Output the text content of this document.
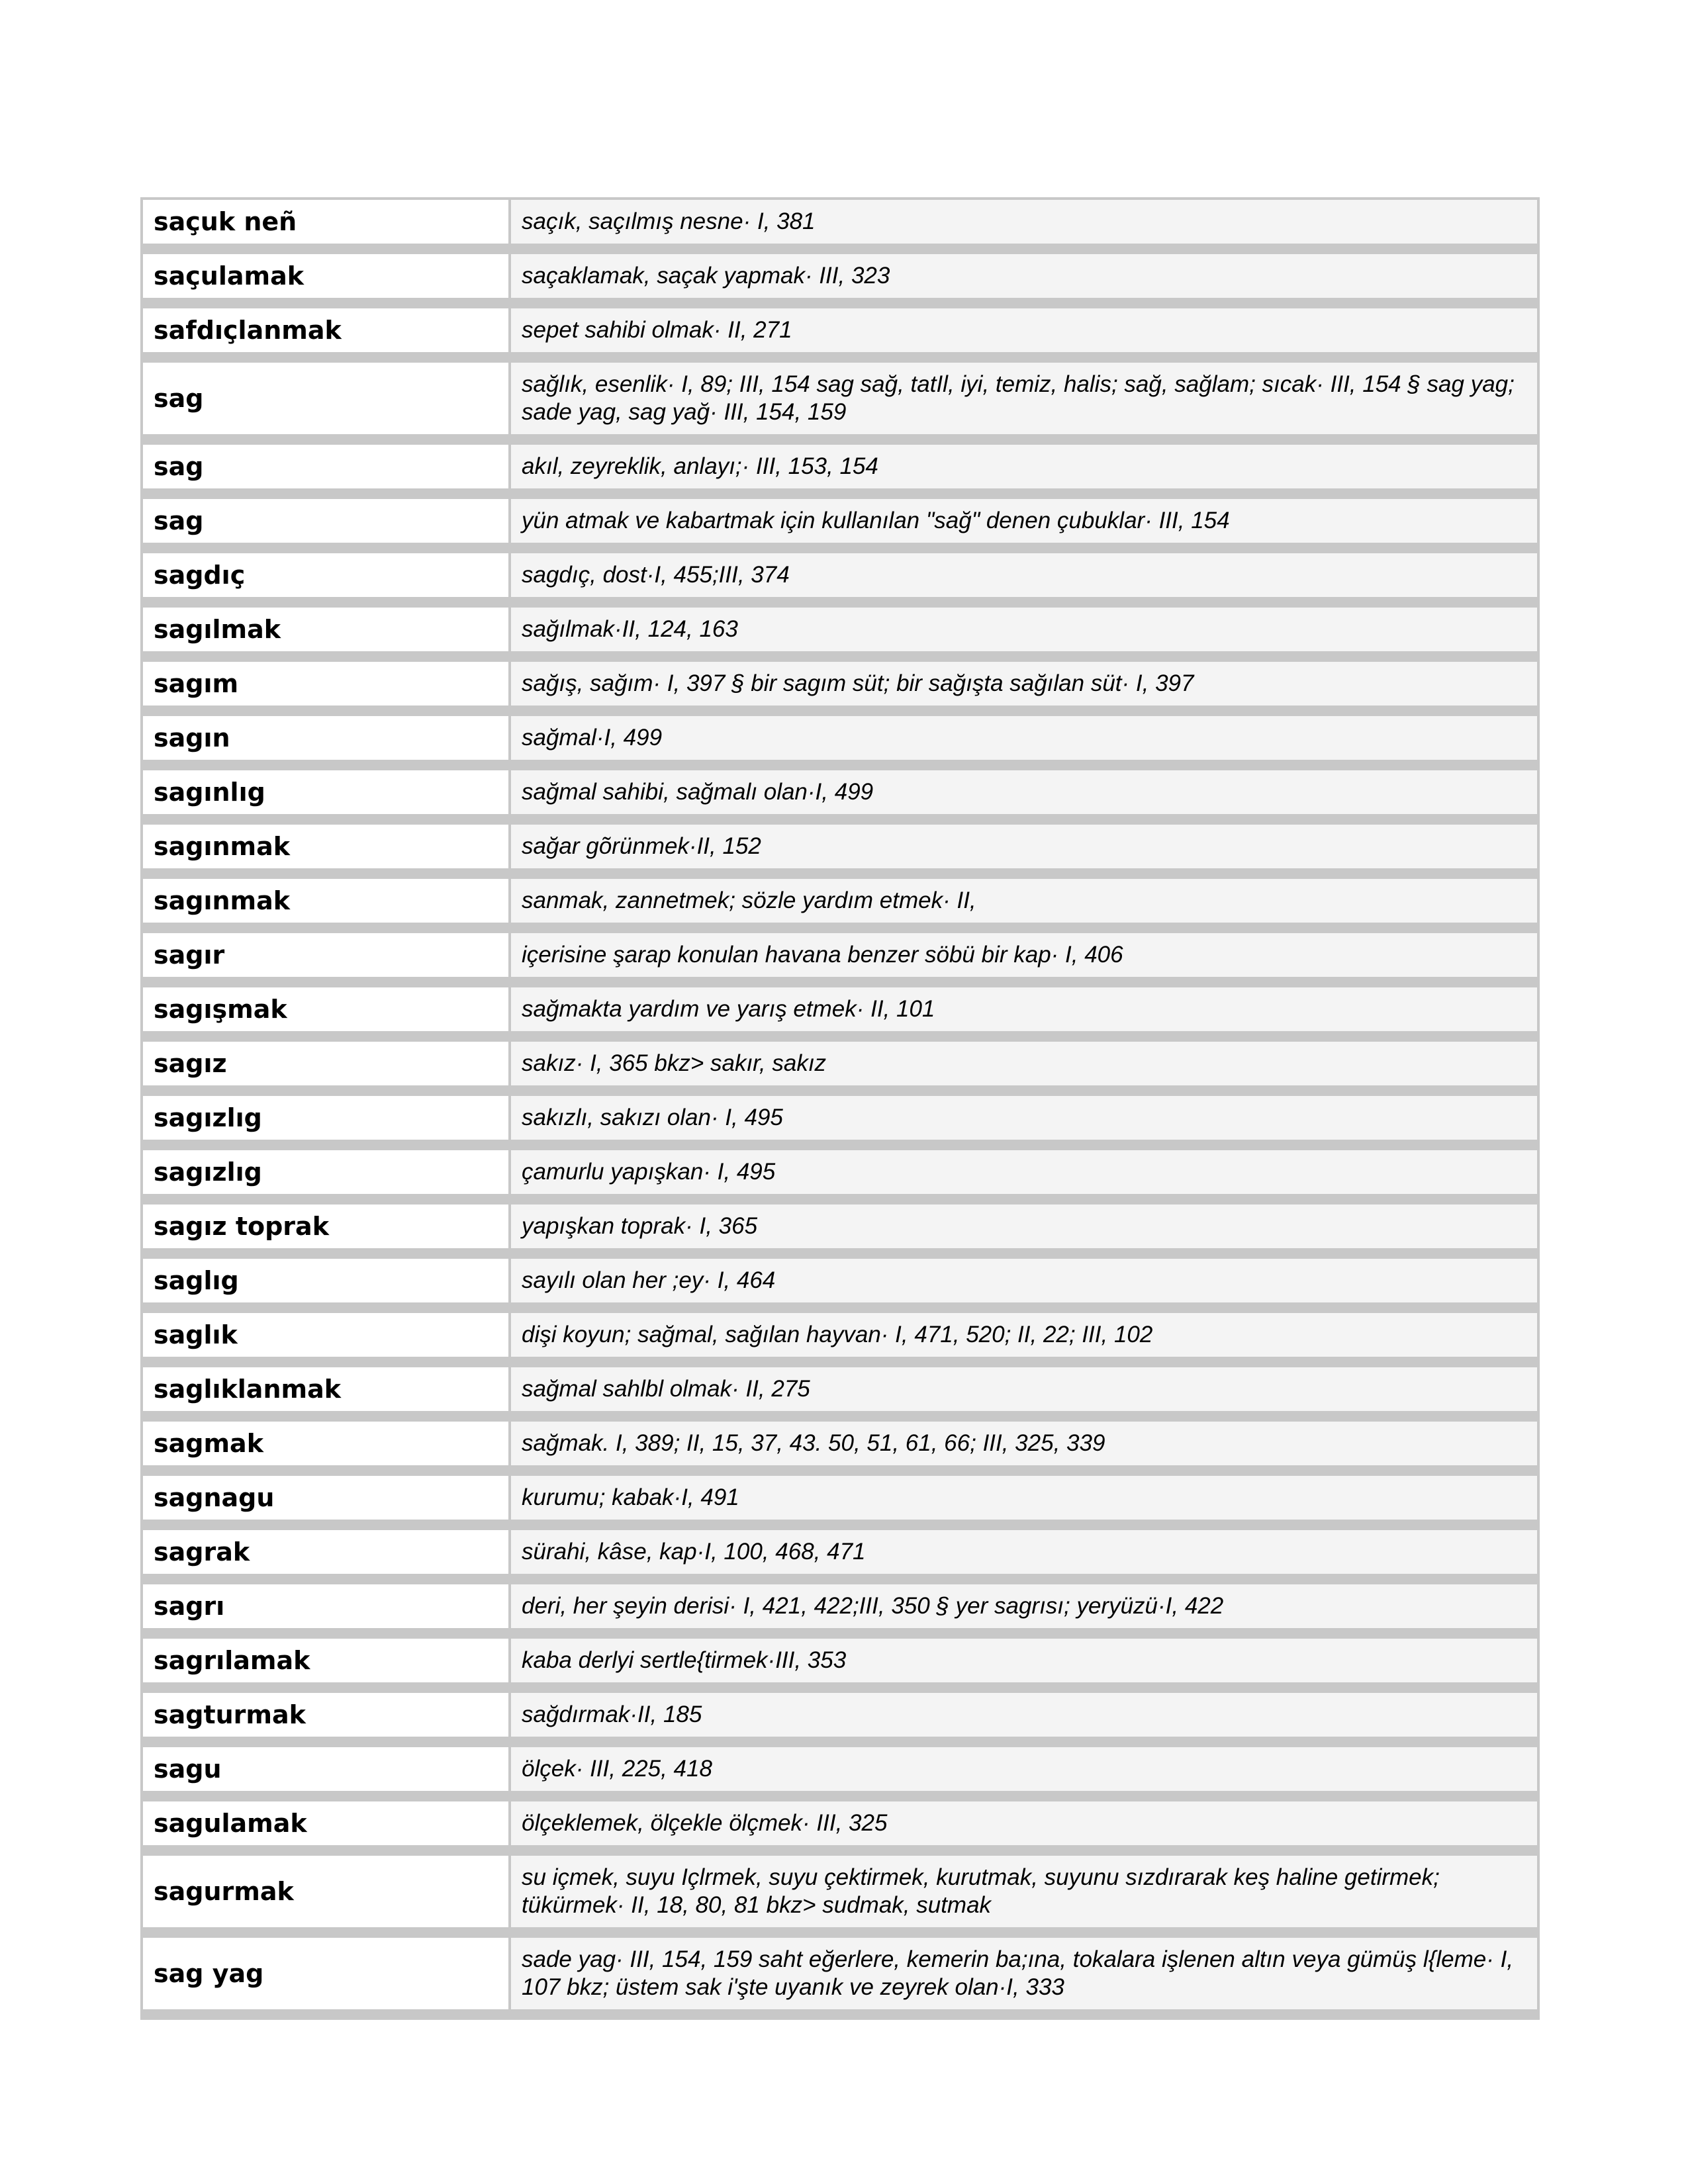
saçuk neñ	saçık, saçılmış nesne· I, 381
saçulamak	saçaklamak, saçak yapmak· III, 323
safdıçlanmak	sepet sahibi olmak· II, 271
sag	sağlık, esenlik· I, 89; III, 154 sag sağ, tatIl, iyi, temiz, halis; sağ, sağlam; sıcak· III, 154 § sag yag; sade yag, sag yağ· III, 154, 159
sag	akıl, zeyreklik, anlayı;· III, 153, 154
sag	yün atmak ve kabartmak için kullanılan "sağ" denen çubuklar· III, 154
sagdıç	sagdıç, dost·I, 455;III, 374
sagılmak	sağılmak·II, 124, 163
sagım	sağış, sağım· I, 397 § bir sagım süt; bir sağışta sağılan süt· I, 397
sagın	sağmal·I, 499
sagınlıg	sağmal sahibi, sağmalı olan·I, 499
sagınmak	sağar gõrünmek·II, 152
sagınmak	sanmak, zannetmek; sözle yardım etmek· II,
sagır	içerisine şarap konulan havana benzer söbü bir kap· I, 406
sagışmak	sağmakta yardım ve yarış etmek· II, 101
sagız	sakız· I, 365 bkz> sakır, sakız
sagızlıg	sakızlı, sakızı olan· I, 495
sagızlıg	çamurlu yapışkan· I, 495
sagız toprak	yapışkan toprak· I, 365
saglıg	sayılı olan her ;ey· I, 464
saglık	dişi koyun; sağmal, sağılan hayvan· I, 471, 520; II, 22; III, 102
saglıklanmak	sağmal sahlbl olmak· II, 275
sagmak	sağmak. I, 389; II, 15, 37, 43. 50, 51, 61, 66; III, 325, 339
sagnagu	kurumu; kabak·I, 491
sagrak	sürahi, kâse, kap·I, 100, 468, 471
sagrı	deri, her şeyin derisi· I, 421, 422;III, 350 § yer sagrısı; yeryüzü·I, 422
sagrılamak	kaba derlyi sertle{tirmek·III, 353
sagturmak	sağdırmak·II, 185
sagu	ölçek· III, 225, 418
sagulamak	ölçeklemek, ölçekle ölçmek· III, 325
sagurmak	su içmek, suyu Içlrmek, suyu çektirmek, kurutmak, suyunu sızdırarak keş haline getirmek; tükürmek· II, 18, 80, 81 bkz> sudmak, sutmak
sag yag	sade yag· III, 154, 159 saht eğerlere, kemerin ba;ına, tokalara işlenen altın veya gümüş l{leme· I, 107 bkz; üstem sak i'şte uyanık ve zeyrek olan·I, 333
